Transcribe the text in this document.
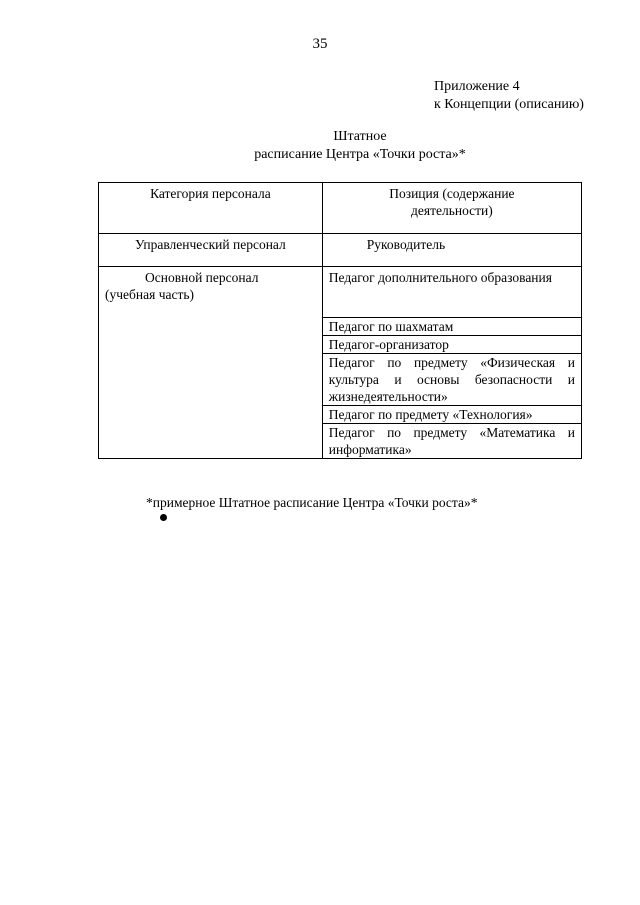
35
Приложение 4
к Концепции (описанию)
Штатное
расписание Центра «Точки роста»*
Категория персонала	Позиция (содержание
деятельности)

Управленческий персонал	Руководитель

Основной персонал
(учебная часть)	Педагог дополнительного образования
	Педагог по шахматам
	Педагог-организатор
	Педагог по предмету «Физическая и культура и основы безопасности и жизнедеятельности»
	Педагог по предмету «Технология»
	Педагог по предмету «Математика и информатика»
*примерное Штатное расписание Центра «Точки роста»*
